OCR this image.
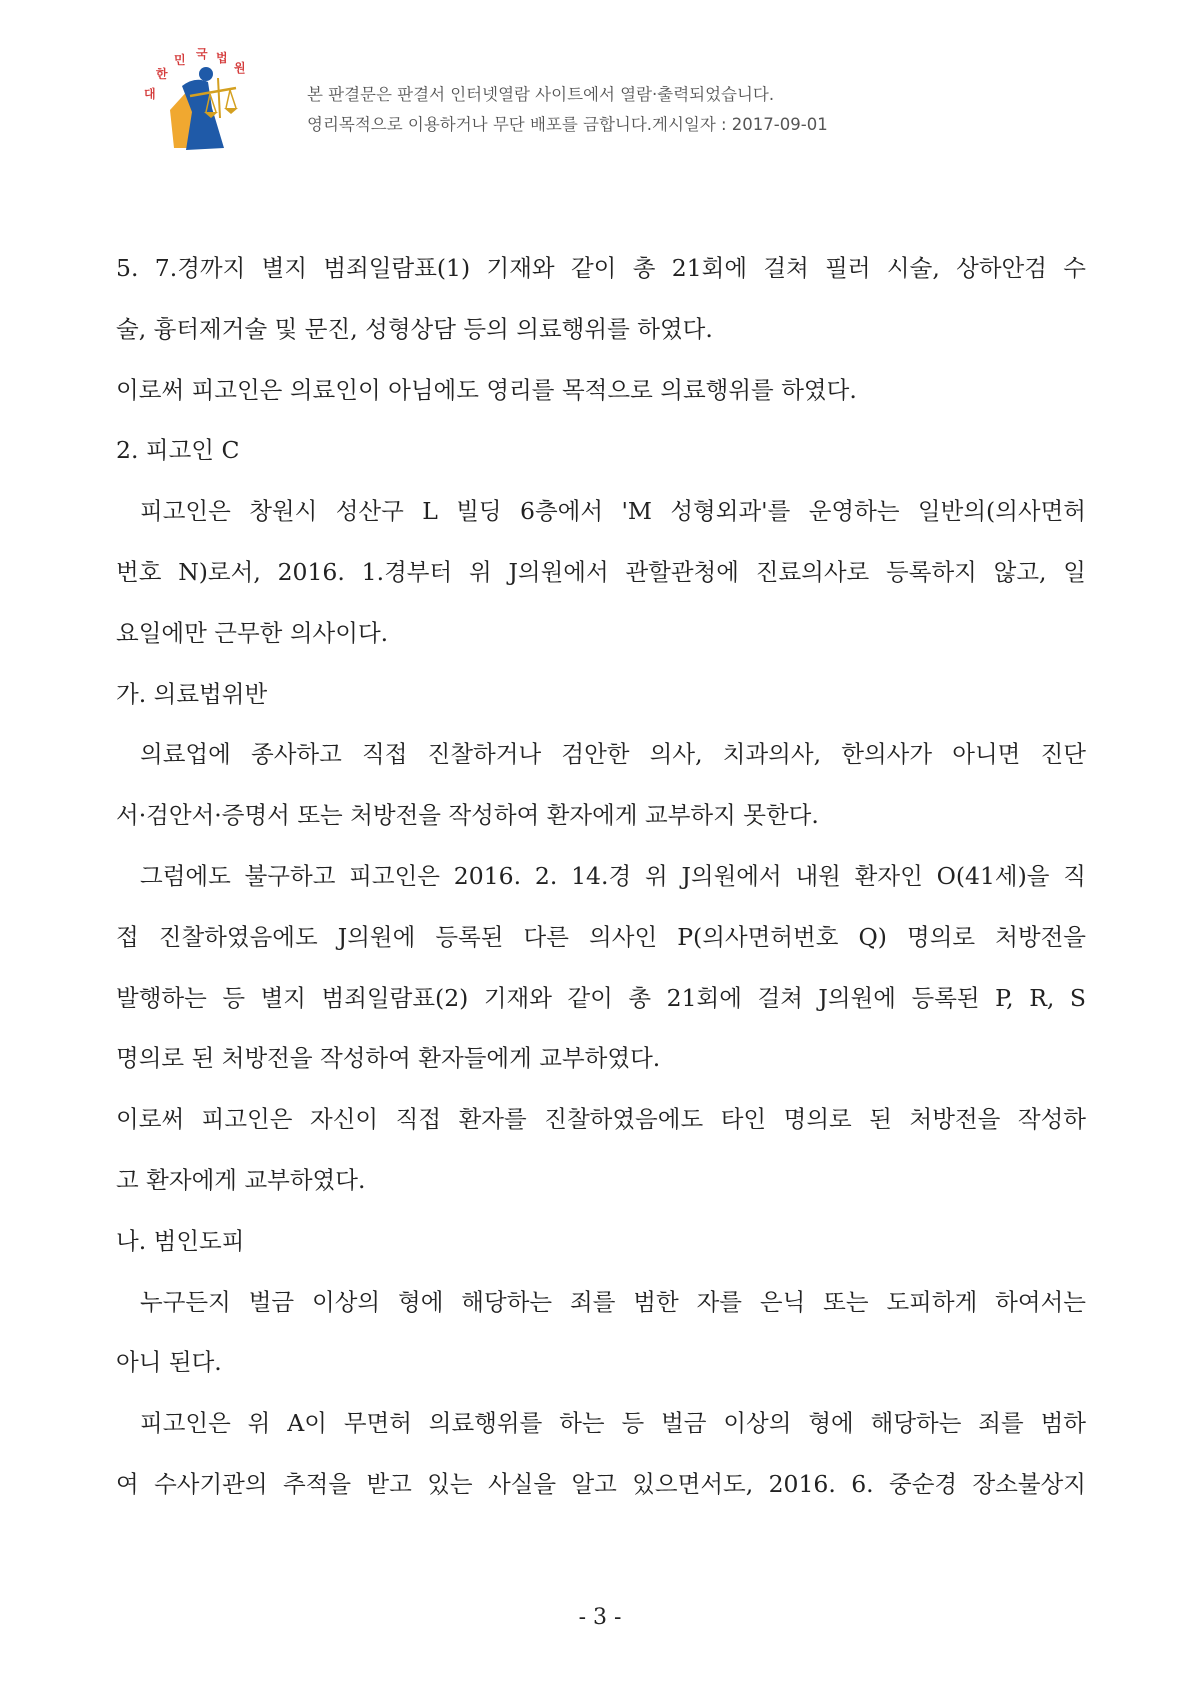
대
한
민 국 법
원
본 판결문은 판결서 인터넷열람 사이트에서 열람·출력되었습니다.
영리목적으로 이용하거나 무단 배포를 금합니다.게시일자 : 2017-09-01
5. 7.경까지 별지 범죄일람표(1) 기재와 같이 총 21회에 걸쳐 필러 시술, 상하안검 수
술, 흉터제거술 및 문진, 성형상담 등의 의료행위를 하였다.
이로써 피고인은 의료인이 아님에도 영리를 목적으로 의료행위를 하였다.
2. 피고인 C
피고인은 창원시 성산구 L 빌딩 6층에서 'M 성형외과'를 운영하는 일반의(의사면허
번호 N)로서, 2016. 1.경부터 위 J의원에서 관할관청에 진료의사로 등록하지 않고, 일
요일에만 근무한 의사이다.
가. 의료법위반
의료업에 종사하고 직접 진찰하거나 검안한 의사, 치과의사, 한의사가 아니면 진단
서·검안서·증명서 또는 처방전을 작성하여 환자에게 교부하지 못한다.
그럼에도 불구하고 피고인은 2016. 2. 14.경 위 J의원에서 내원 환자인 O(41세)을 직
접 진찰하였음에도 J의원에 등록된 다른 의사인 P(의사면허번호 Q) 명의로 처방전을
발행하는 등 별지 범죄일람표(2) 기재와 같이 총 21회에 걸쳐 J의원에 등록된 P, R, S
명의로 된 처방전을 작성하여 환자들에게 교부하였다.
이로써 피고인은 자신이 직접 환자를 진찰하였음에도 타인 명의로 된 처방전을 작성하
고 환자에게 교부하였다.
나. 범인도피
누구든지 벌금 이상의 형에 해당하는 죄를 범한 자를 은닉 또는 도피하게 하여서는
아니 된다.
피고인은 위 A이 무면허 의료행위를 하는 등 벌금 이상의 형에 해당하는 죄를 범하
여 수사기관의 추적을 받고 있는 사실을 알고 있으면서도, 2016. 6. 중순경 장소불상지
- 3 -
